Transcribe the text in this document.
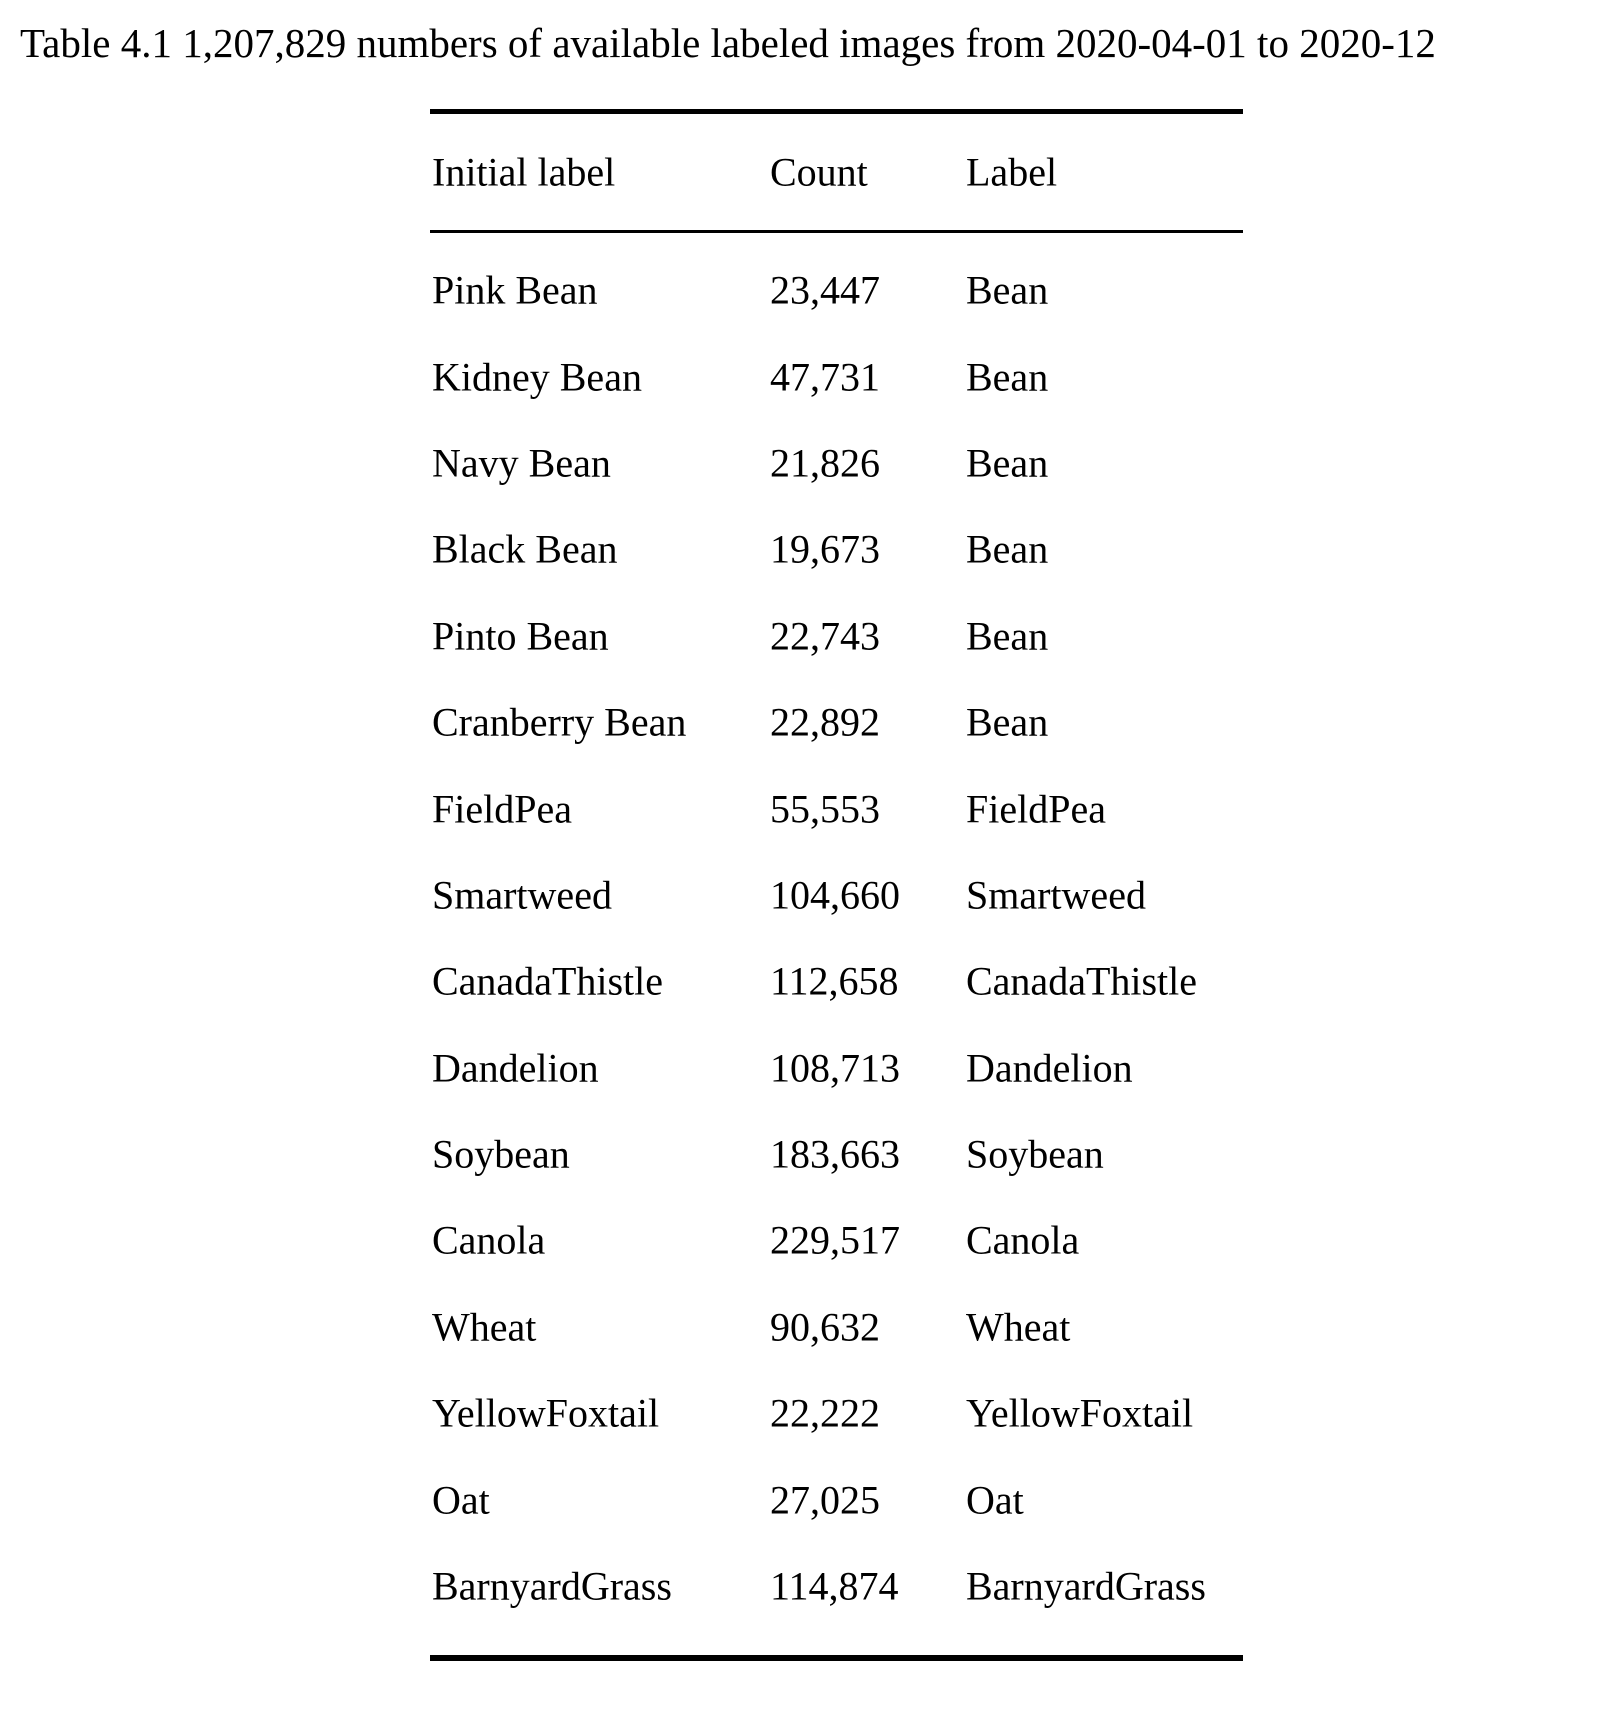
Table 4.1 1,207,829 numbers of available labeled images from 2020-04-01 to 2020-12
Initial label	Count Label
Pink Bean	23,447 Bean
Kidney Bean	47,731 Bean
Navy Bean	21,826 Bean
Black Bean	19,673 Bean
Pinto Bean	22,743 Bean
Cranberry Bean 22,892 Bean
FieldPea	55,553 FieldPea
Smartweed	104,660 Smartweed
CanadaThistle	112,658 CanadaThistle
Dandelion	108,713 Dandelion
Soybean	183,663 Soybean
Canola	229,517 Canola
Wheat	90,632 Wheat
YellowFoxtail	22,222 YellowFoxtail
Oat	27,025 Oat
BarnyardGrass 114,874 BarnyardGrass
